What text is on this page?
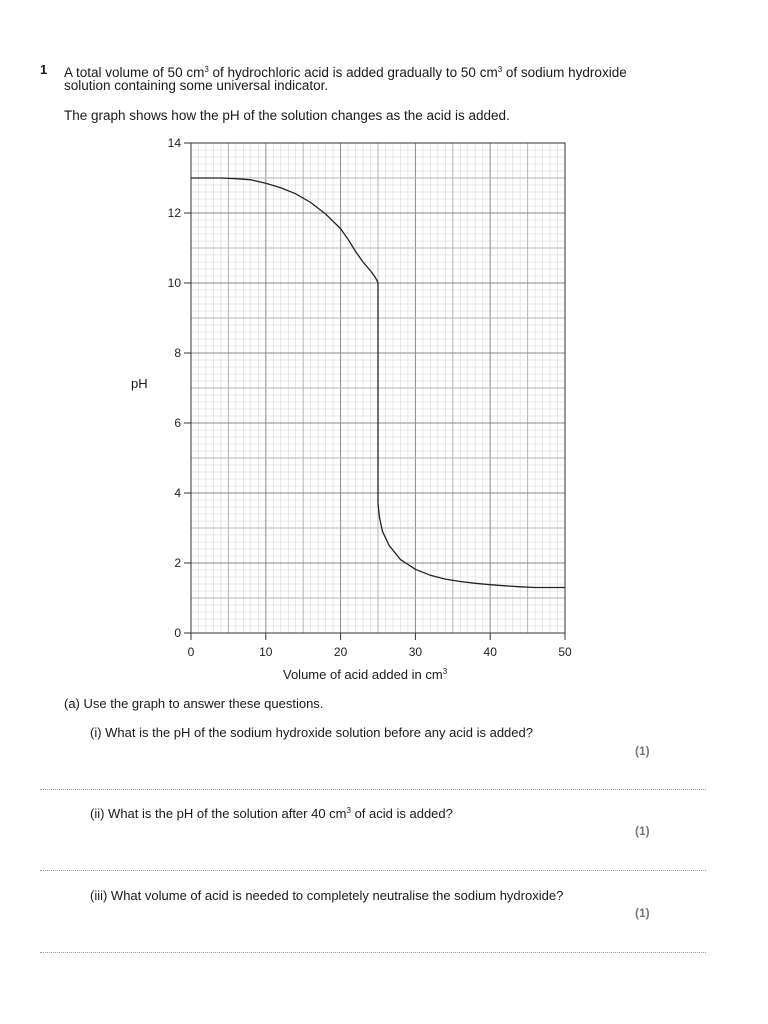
1 A total volume of 50 $cm^3$ of hydrochloric acid is added gradually to 50 $cm^3$ of sodium hydroxide
solution containing some universal indicator.
The graph shows how the pH of the solution changes as the acid is added.
0
2
4
6
8
10
12
14
0	10	20	30	40	50
pH
Volume of acid added in $cm^3$
(a) Use the graph to answer these questions.
(i) What is the pH of the sodium hydroxide solution before any acid is added?
(1)
(ii) What is the pH of the solution after 40 $cm^3$ of acid is added?
(1)
(iii) What volume of acid is needed to completely neutralise the sodium hydroxide?
(1)
